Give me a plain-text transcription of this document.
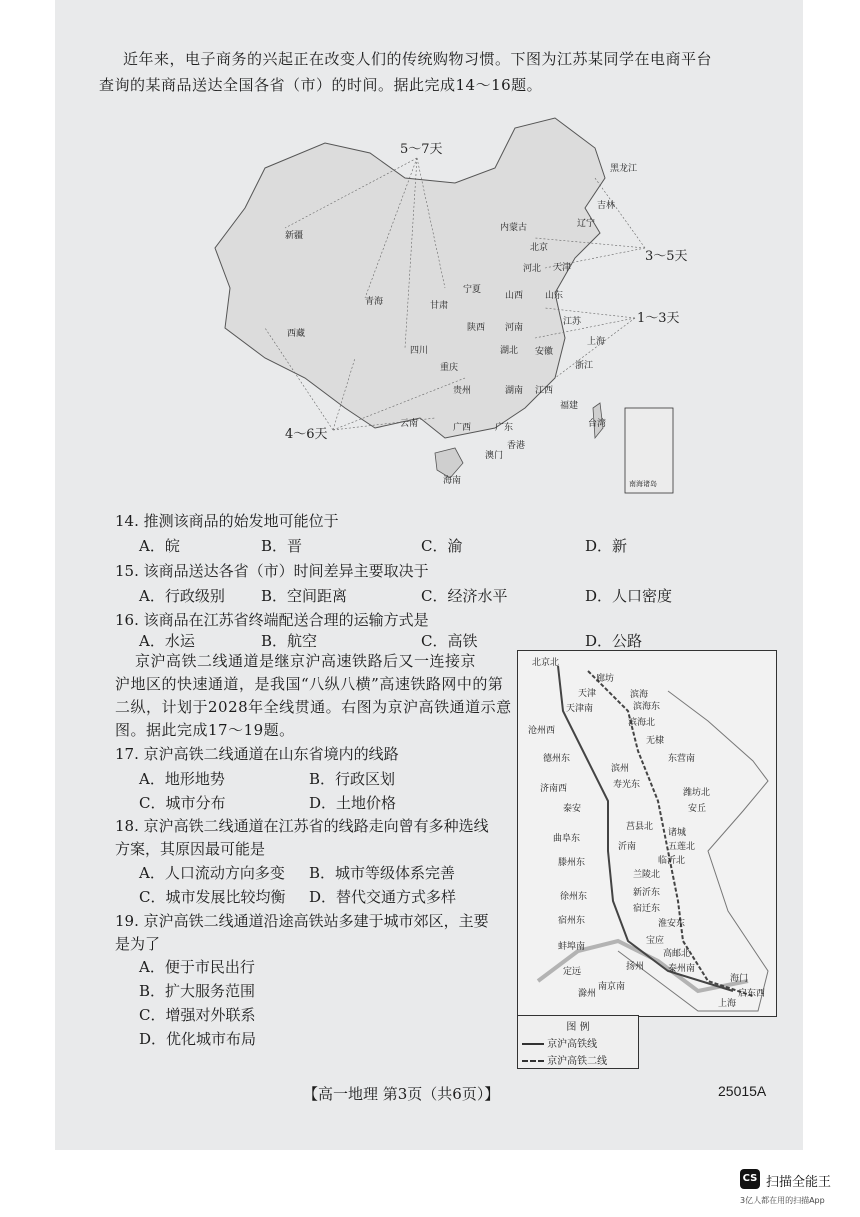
近年来，电子商务的兴起正在改变人们的传统购物习惯。下图为江苏某同学在电商平台
查询的某商品送达全国各省（市）的时间。据此完成14～16题。
5～7天
3～5天
1～3天
4～6天
黑龙江
吉林
辽宁
内蒙古
北京
天津
河北
山西 山东
新疆
青海	甘肃
宁夏
陕西 河南
江苏
上海
西藏
四川	湖北 安徽
浙江
重庆
贵州	湖南 江西
福建
台湾
云南	广西	广东
香港
澳门
海南	南海诸岛
14. 推测该商品的始发地可能位于
A．皖	B．晋	C．渝	D．新
15. 该商品送达各省（市）时间差异主要取决于
A．行政级别 B．空间距离	C．经济水平	D．人口密度
16. 该商品在江苏省终端配送合理的运输方式是
A．水运	B．航空	C．高铁	D．公路
京沪高铁二线通道是继京沪高速铁路后又一连接京
沪地区的快速通道，是我国“八纵八横”高速铁路网中的第
二纵，计划于2028年全线贯通。右图为京沪高铁通道示意
图。据此完成17～19题。
17. 京沪高铁二线通道在山东省境内的线路
A．地形地势	B．行政区划
C．城市分布	D．土地价格
18. 京沪高铁二线通道在江苏省的线路走向曾有多种选线
方案，其原因最可能是
A．人口流动方向多变 B．城市等级体系完善
C．城市发展比较均衡 D．替代交通方式多样
19. 京沪高铁二线通道沿途高铁站多建于城市郊区，主要
是为了
A．便于市民出行
B．扩大服务范围
C．增强对外联系
D．优化城市布局
北京北
廊坊
天津
天津南
滨海
滨海东
沧州西
滨海北
无棣
德州东	东营南
滨州
寿光东
潍坊北
济南西
安丘
泰安
莒县北
诸城
曲阜东
沂南	五莲北
滕州东	临沂北
兰陵北
新沂东
徐州东
宿迁东
宿州东	淮安东
蚌埠南
宝应
高邮北
定远	扬州	泰州南
南京南
滁州
海门
上海
启东西
图 例
京沪高铁线
京沪高铁二线
【高一地理 第3页（共6页）】	25015A
CS 扫描全能王
3亿人都在用的扫描App
